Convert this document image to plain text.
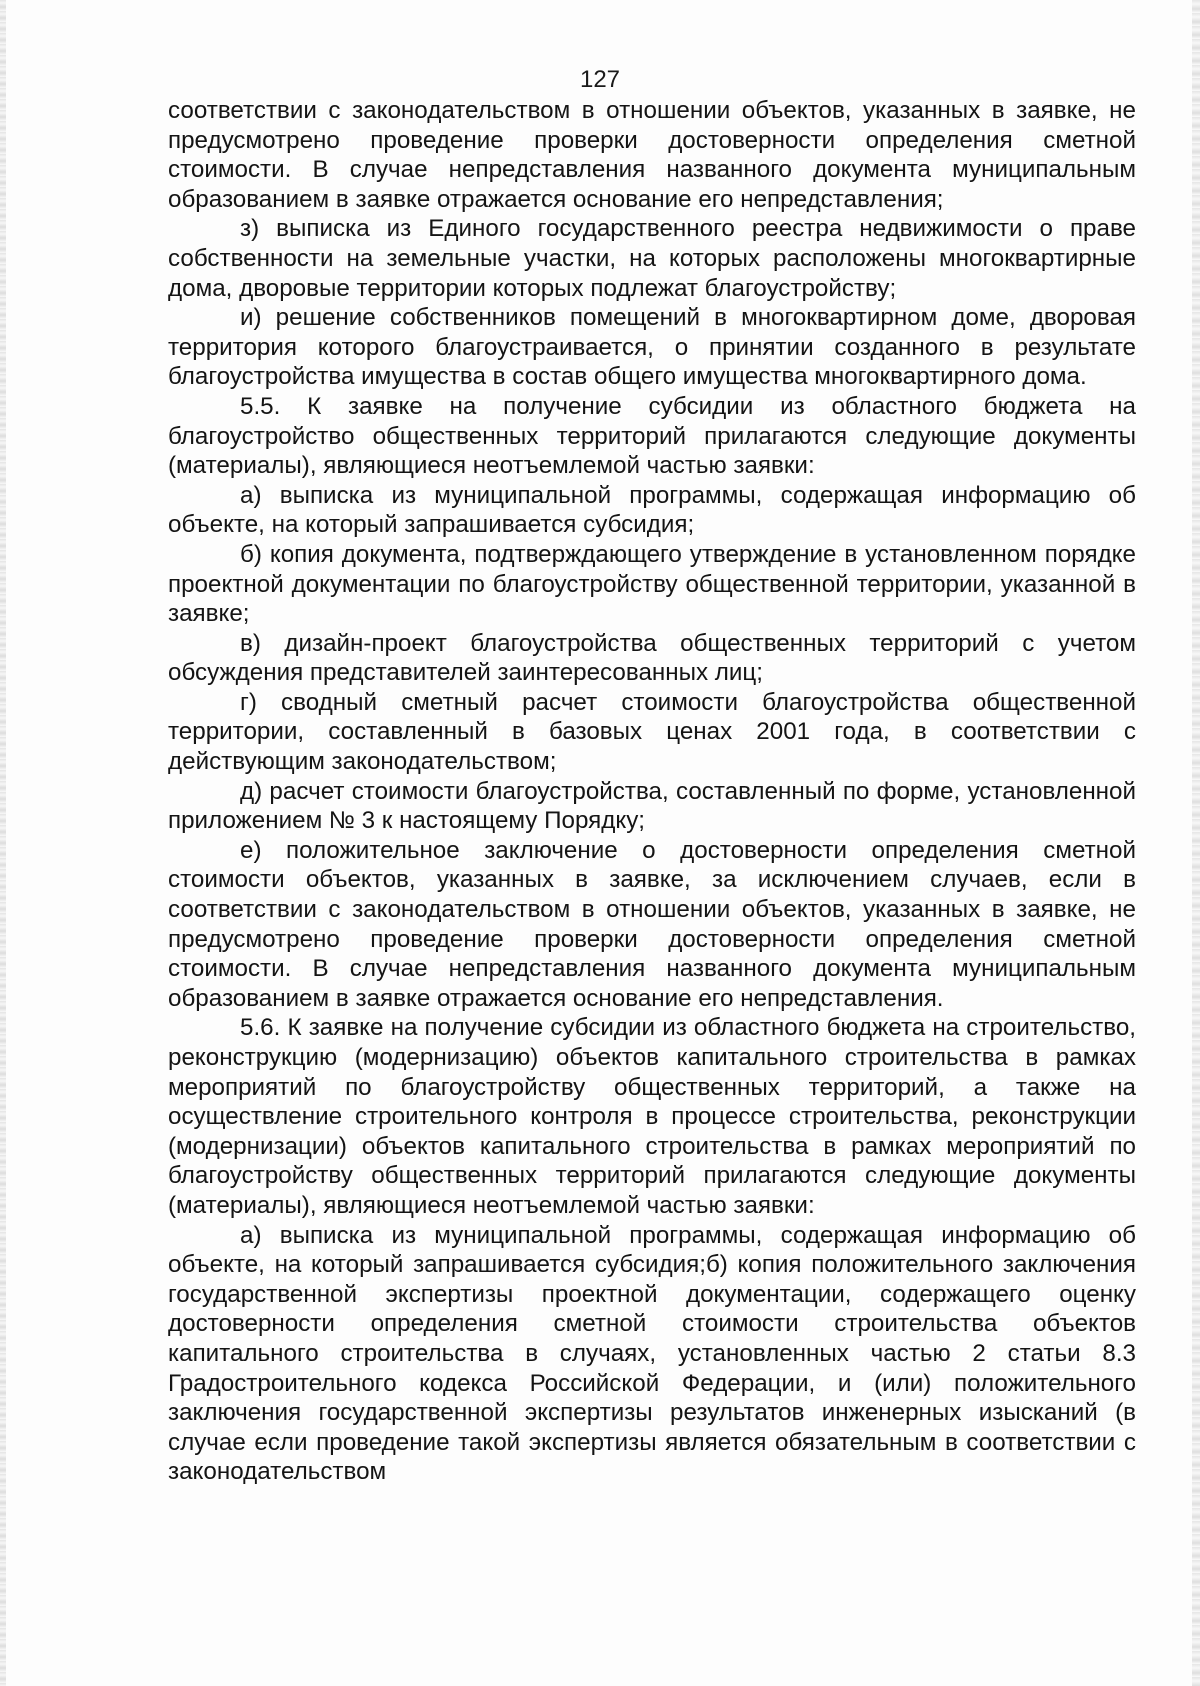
127

соответствии с законодательством в отношении объектов, указанных в заявке, не предусмотрено проведение проверки достоверности определения сметной стоимости. В случае непредставления названного документа муниципальным образованием в заявке отражается основание его непредставления;

з) выписка из Единого государственного реестра недвижимости о праве собственности на земельные участки, на которых расположены многоквартирные дома, дворовые территории которых подлежат благоустройству;

и) решение собственников помещений в многоквартирном доме, дворовая территория которого благоустраивается, о принятии созданного в результате благоустройства имущества в состав общего имущества многоквартирного дома.

5.5. К заявке на получение субсидии из областного бюджета на благоустройство общественных территорий прилагаются следующие документы (материалы), являющиеся неотъемлемой частью заявки:

а) выписка из муниципальной программы, содержащая информацию об объекте, на который запрашивается субсидия;

б) копия документа, подтверждающего утверждение в установленном порядке проектной документации по благоустройству общественной территории, указанной в заявке;

в) дизайн-проект благоустройства общественных территорий с учетом обсуждения представителей заинтересованных лиц;

г) сводный сметный расчет стоимости благоустройства общественной территории, составленный в базовых ценах 2001 года, в соответствии с действующим законодательством;

д) расчет стоимости благоустройства, составленный по форме, установленной приложением № 3 к настоящему Порядку;

е) положительное заключение о достоверности определения сметной стоимости объектов, указанных в заявке, за исключением случаев, если в соответствии с законодательством в отношении объектов, указанных в заявке, не предусмотрено проведение проверки достоверности определения сметной стоимости. В случае непредставления названного документа муниципальным образованием в заявке отражается основание его непредставления.

5.6. К заявке на получение субсидии из областного бюджета на строительство, реконструкцию (модернизацию) объектов капитального строительства в рамках мероприятий по благоустройству общественных территорий, а также на осуществление строительного контроля в процессе строительства, реконструкции (модернизации) объектов капитального строительства в рамках мероприятий по благоустройству общественных территорий прилагаются следующие документы (материалы), являющиеся неотъемлемой частью заявки:

а) выписка из муниципальной программы, содержащая информацию об объекте, на который запрашивается субсидия;б) копия положительного заключения государственной экспертизы проектной документации, содержащего оценку достоверности определения сметной стоимости строительства объектов капитального строительства в случаях, установленных частью 2 статьи 8.3 Градостроительного кодекса Российской Федерации, и (или) положительного заключения государственной экспертизы результатов инженерных изысканий (в случае если проведение такой экспертизы является обязательным в соответствии с законодательством
